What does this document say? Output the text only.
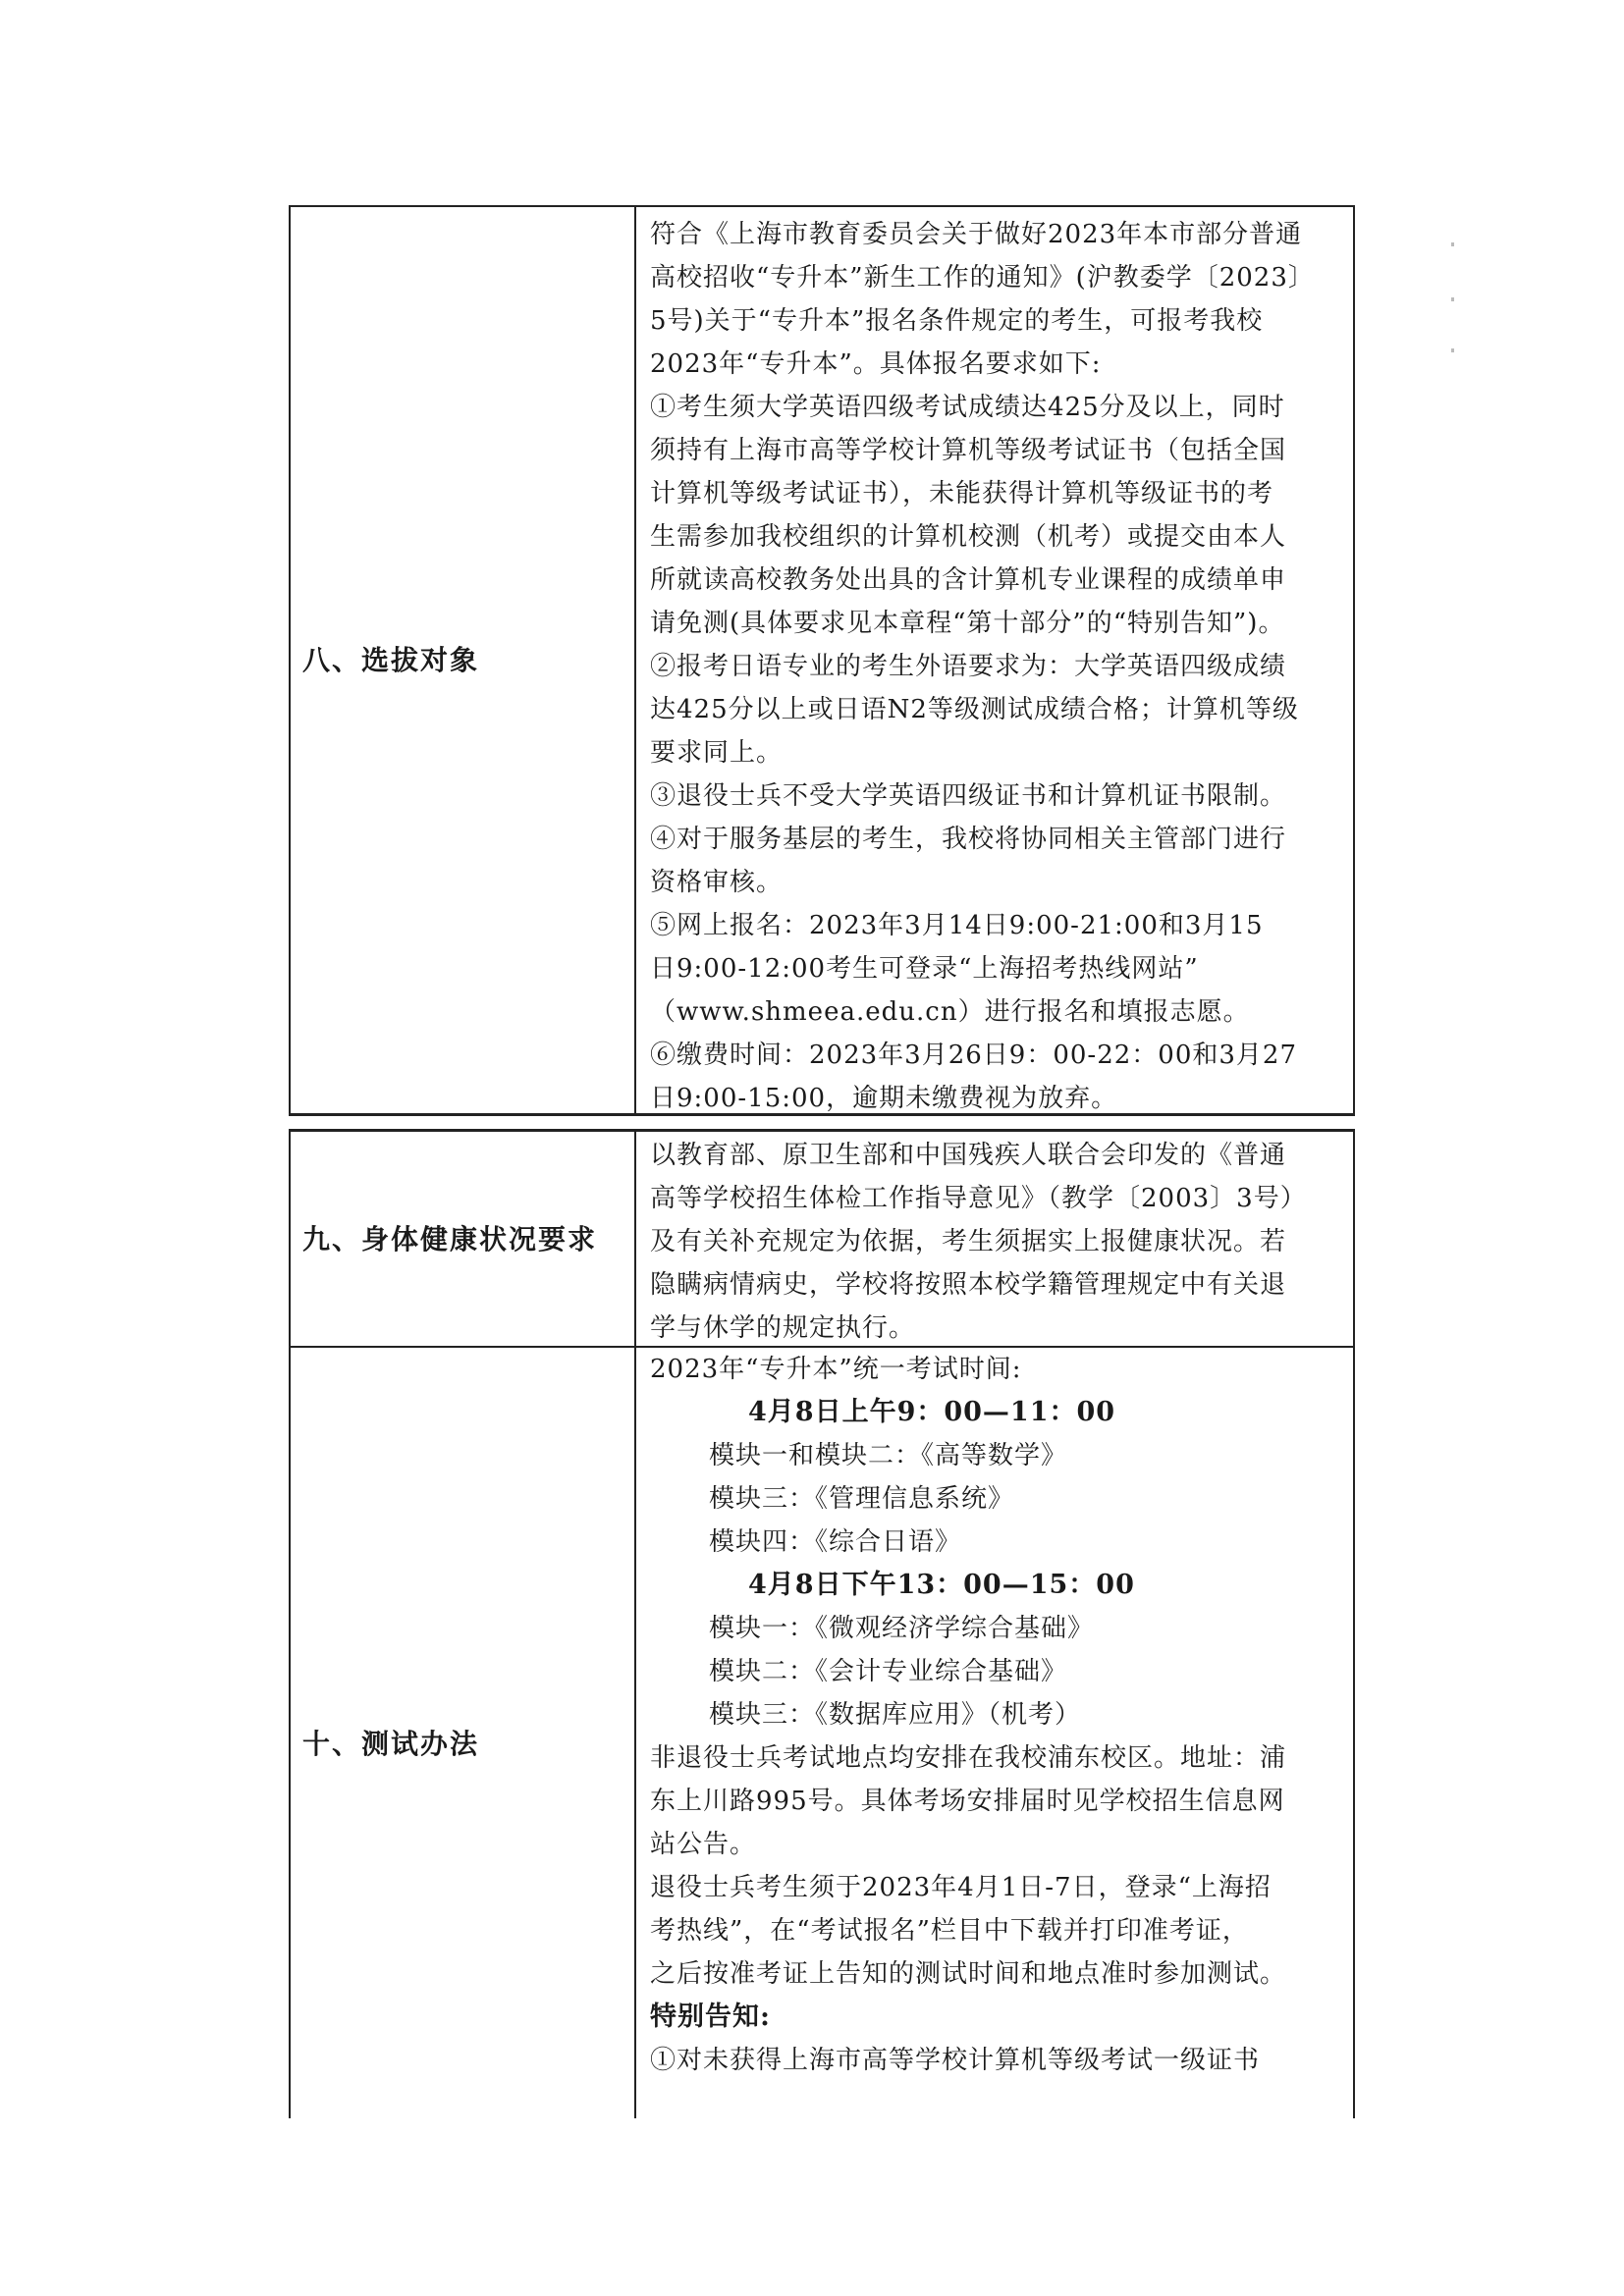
八、选拔对象
符合《上海市教育委员会关于做好2023年本市部分普通
高校招收“专升本”新生工作的通知》(沪教委学〔2023〕
5号)关于“专升本”报名条件规定的考生，可报考我校
2023年“专升本”。具体报名要求如下:
①考生须大学英语四级考试成绩达425分及以上，同时
须持有上海市高等学校计算机等级考试证书（包括全国
计算机等级考试证书），未能获得计算机等级证书的考
生需参加我校组织的计算机校测（机考）或提交由本人
所就读高校教务处出具的含计算机专业课程的成绩单申
请免测(具体要求见本章程“第十部分”的“特别告知”)。
②报考日语专业的考生外语要求为：大学英语四级成绩
达425分以上或日语N2等级测试成绩合格；计算机等级
要求同上。
③退役士兵不受大学英语四级证书和计算机证书限制。
④对于服务基层的考生，我校将协同相关主管部门进行
资格审核。
⑤网上报名：2023年3月14日9:00-21:00和3月15
日9:00-12:00考生可登录“上海招考热线网站”
（www.shmeea.edu.cn）进行报名和填报志愿。
⑥缴费时间：2023年3月26日9：00-22：00和3月27
日9:00-15:00，逾期未缴费视为放弃。
九、身体健康状况要求
以教育部、原卫生部和中国残疾人联合会印发的《普通
高等学校招生体检工作指导意见》（教学〔2003〕3号）
及有关补充规定为依据，考生须据实上报健康状况。若
隐瞒病情病史，学校将按照本校学籍管理规定中有关退
学与休学的规定执行。
十、测试办法
2023年“专升本”统一考试时间:
4月8日上午9：00—11：00
模块一和模块二：《高等数学》
模块三：《管理信息系统》
模块四：《综合日语》
4月8日下午13：00—15：00
模块一：《微观经济学综合基础》
模块二：《会计专业综合基础》
模块三：《数据库应用》（机考）
非退役士兵考试地点均安排在我校浦东校区。地址：浦
东上川路995号。具体考场安排届时见学校招生信息网
站公告。
退役士兵考生须于2023年4月1日-7日，登录“上海招
考热线”，在“考试报名”栏目中下载并打印准考证，
之后按准考证上告知的测试时间和地点准时参加测试。
特别告知:
①对未获得上海市高等学校计算机等级考试一级证书
